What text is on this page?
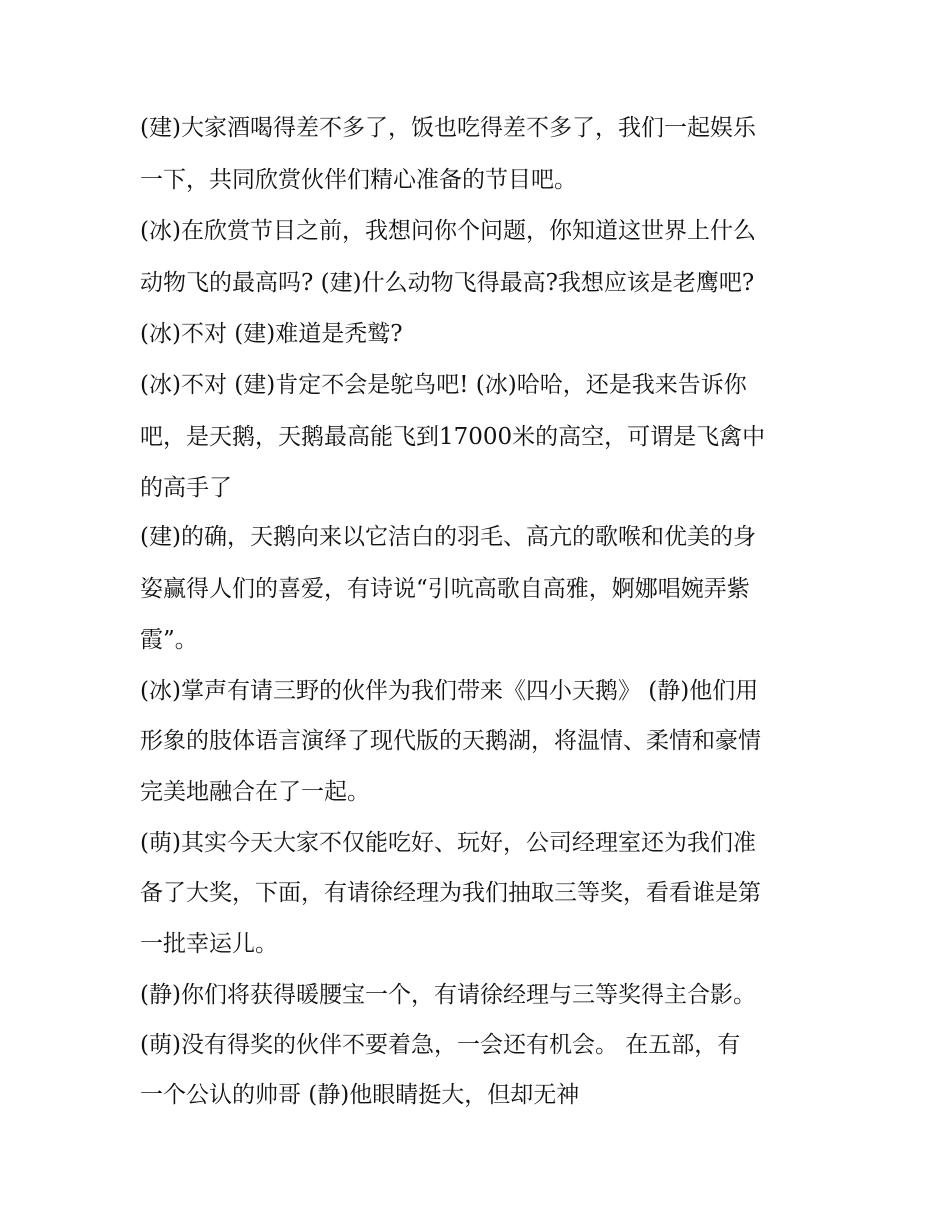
(建)大家酒喝得差不多了，饭也吃得差不多了，我们一起娱乐
一下，共同欣赏伙伴们精心准备的节目吧。
(冰)在欣赏节目之前，我想问你个问题，你知道这世界上什么
动物飞的最高吗? (建)什么动物飞得最高?我想应该是老鹰吧?
(冰)不对 (建)难道是秃鹫?
(冰)不对 (建)肯定不会是鸵鸟吧! (冰)哈哈，还是我来告诉你
吧，是天鹅，天鹅最高能飞到17000米的高空，可谓是飞禽中
的高手了
(建)的确，天鹅向来以它洁白的羽毛、高亢的歌喉和优美的身
姿赢得人们的喜爱，有诗说“引吭高歌自高雅，婀娜唱婉弄紫
霞”。
(冰)掌声有请三野的伙伴为我们带来《四小天鹅》 (静)他们用
形象的肢体语言演绎了现代版的天鹅湖，将温情、柔情和豪情
完美地融合在了一起。
(萌)其实今天大家不仅能吃好、玩好，公司经理室还为我们准
备了大奖，下面，有请徐经理为我们抽取三等奖，看看谁是第
一批幸运儿。
(静)你们将获得暖腰宝一个，有请徐经理与三等奖得主合影。
(萌)没有得奖的伙伴不要着急，一会还有机会。 在五部，有
一个公认的帅哥 (静)他眼睛挺大，但却无神
